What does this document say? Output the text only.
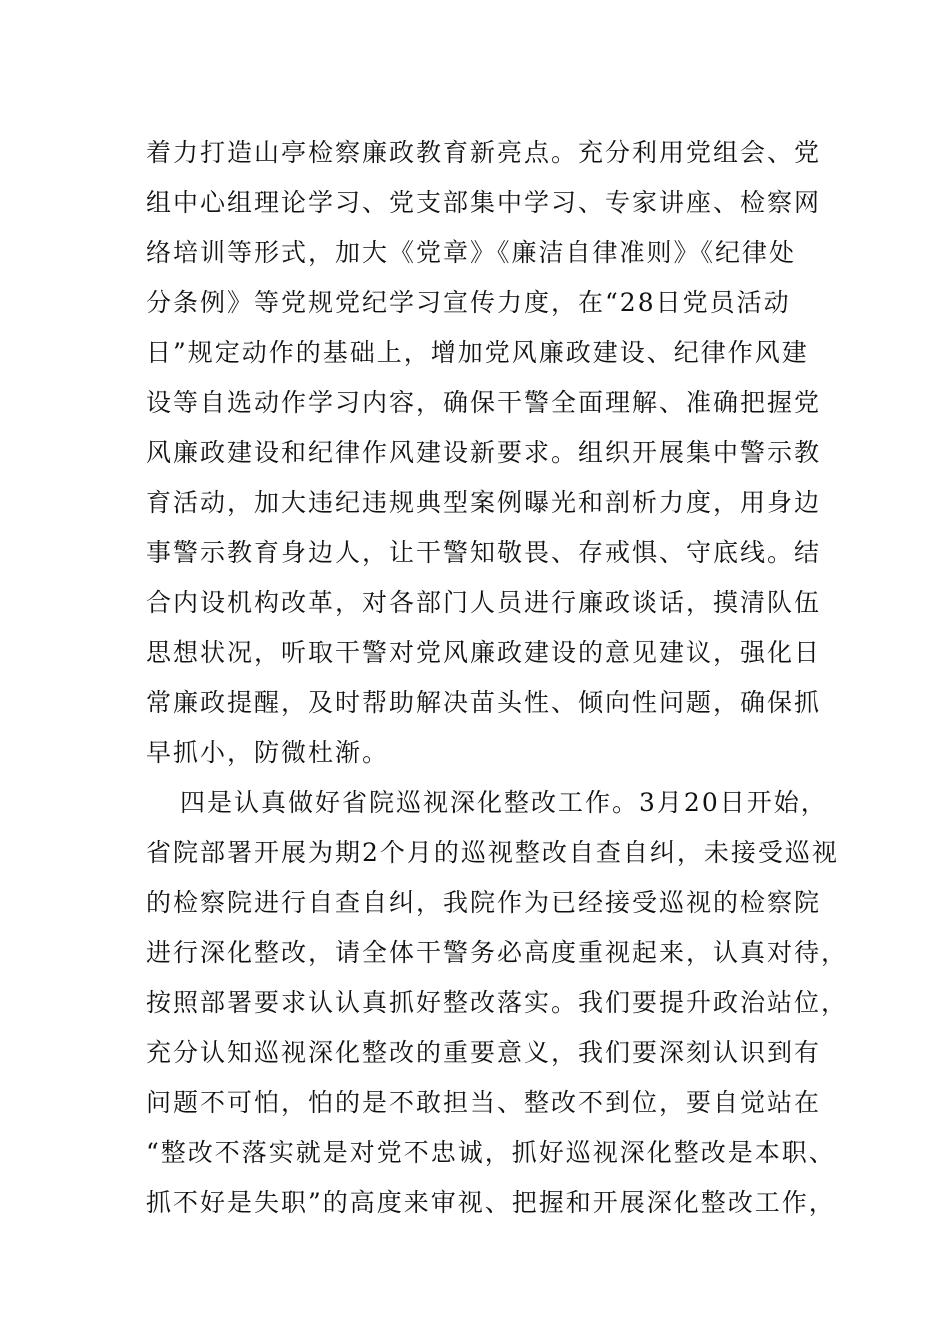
着力打造山亭检察廉政教育新亮点。充分利用党组会、党
组中心组理论学习、党支部集中学习、专家讲座、检察网
络培训等形式，加大《党章》《廉洁自律准则》《纪律处
分条例》等党规党纪学习宣传力度，在“28日党员活动
日”规定动作的基础上，增加党风廉政建设、纪律作风建
设等自选动作学习内容，确保干警全面理解、准确把握党
风廉政建设和纪律作风建设新要求。组织开展集中警示教
育活动，加大违纪违规典型案例曝光和剖析力度，用身边
事警示教育身边人，让干警知敬畏、存戒惧、守底线。结
合内设机构改革，对各部门人员进行廉政谈话，摸清队伍
思想状况，听取干警对党风廉政建设的意见建议，强化日
常廉政提醒，及时帮助解决苗头性、倾向性问题，确保抓
早抓小，防微杜渐。
四是认真做好省院巡视深化整改工作。3月20日开始，
省院部署开展为期2个月的巡视整改自查自纠，未接受巡视
的检察院进行自查自纠，我院作为已经接受巡视的检察院
进行深化整改，请全体干警务必高度重视起来，认真对待，
按照部署要求认认真抓好整改落实。我们要提升政治站位，
充分认知巡视深化整改的重要意义，我们要深刻认识到有
问题不可怕，怕的是不敢担当、整改不到位，要自觉站在
“整改不落实就是对党不忠诚，抓好巡视深化整改是本职、
抓不好是失职”的高度来审视、把握和开展深化整改工作，
